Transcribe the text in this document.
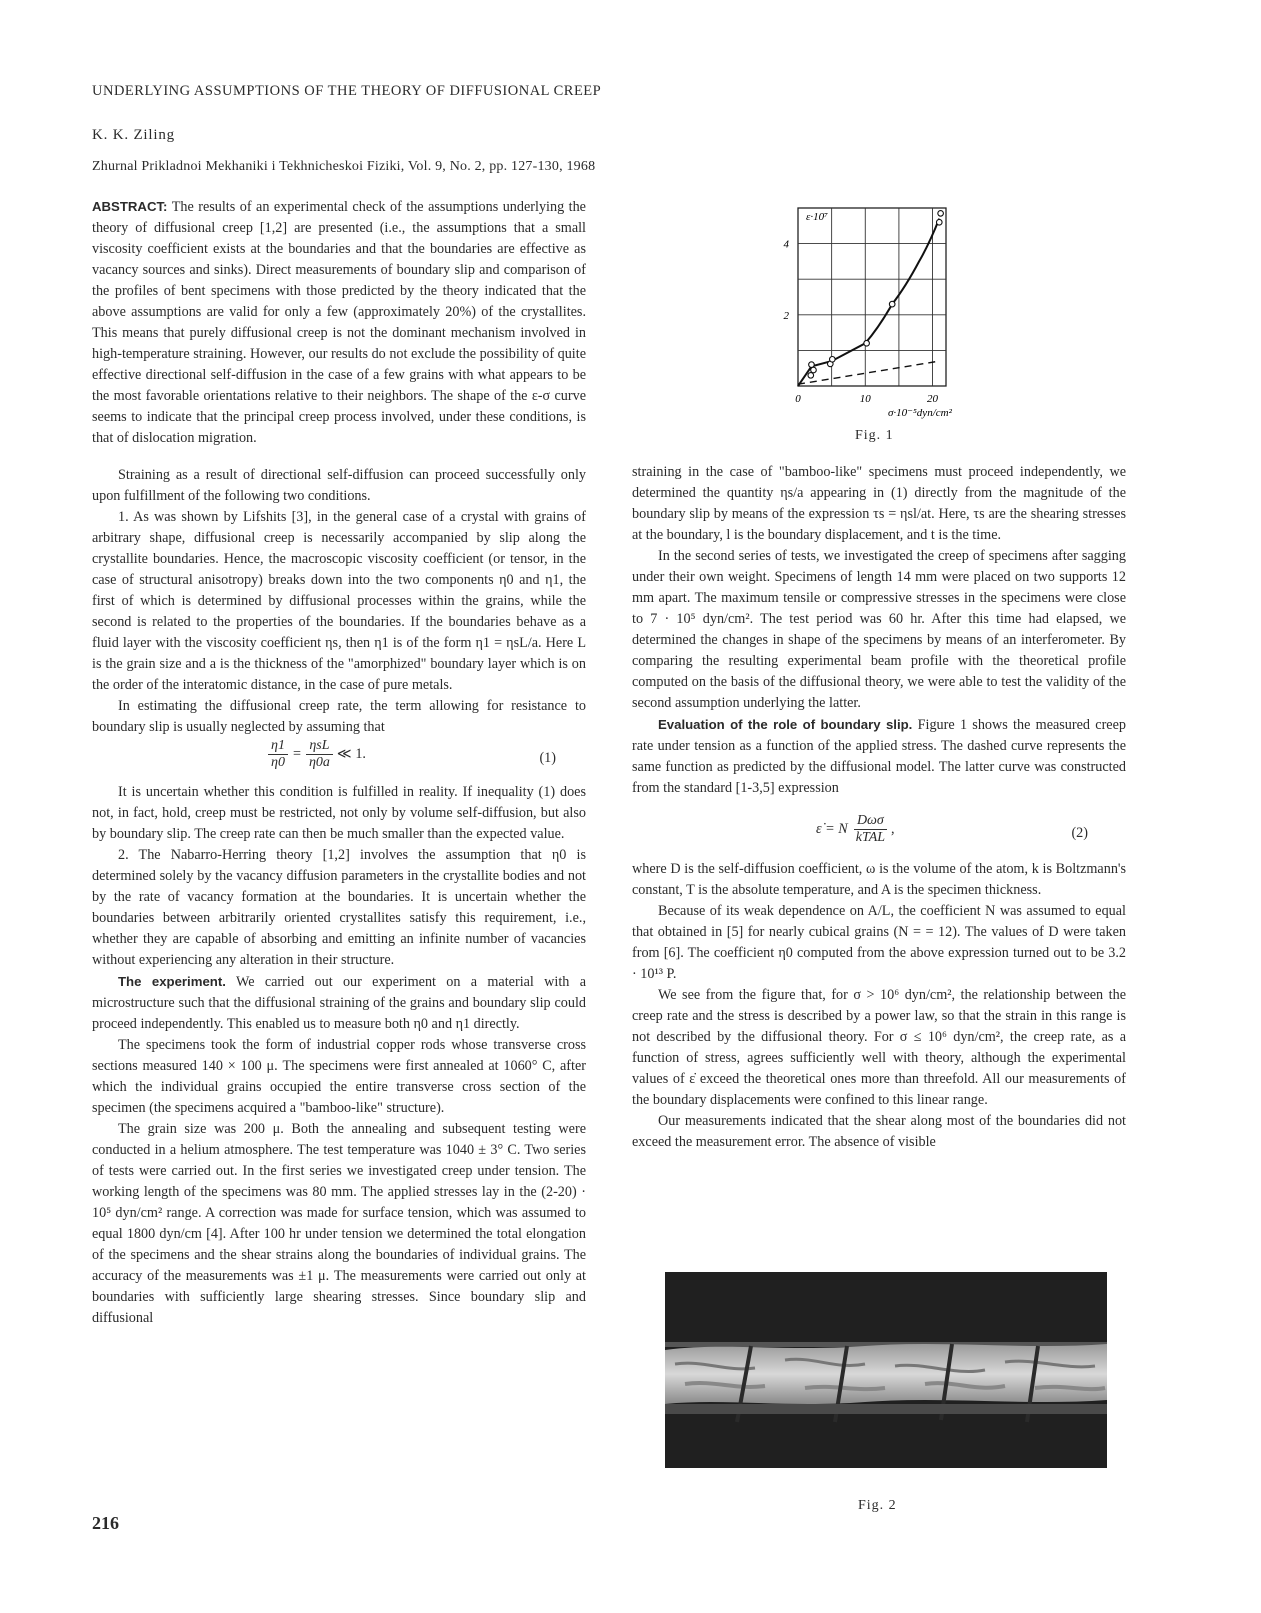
UNDERLYING ASSUMPTIONS OF THE THEORY OF DIFFUSIONAL CREEP
K. K. Ziling
Zhurnal Prikladnoi Mekhaniki i Tekhnicheskoi Fiziki, Vol. 9, No. 2, pp. 127-130, 1968

ABSTRACT: The results of an experimental check of the assumptions underlying the theory of diffusional creep [1,2] are presented (i.e., the assumptions that a small viscosity coefficient exists at the boundaries and that the boundaries are effective as vacancy sources and sinks). Direct measurements of boundary slip and comparison of the profiles of bent specimens with those predicted by the theory indicated that the above assumptions are valid for only a few (approximately 20%) of the crystallites. This means that purely diffusional creep is not the dominant mechanism involved in high-temperature straining. However, our results do not exclude the possibility of quite effective directional self-diffusion in the case of a few grains with what appears to be the most favorable orientations relative to their neighbors. The shape of the ε-σ curve seems to indicate that the principal creep process involved, under these conditions, is that of dislocation migration.

Straining as a result of directional self-diffusion can proceed successfully only upon fulfillment of the following two conditions.

1. As was shown by Lifshits [3], in the general case of a crystal with grains of arbitrary shape, diffusional creep is necessarily accompanied by slip along the crystallite boundaries. Hence, the macroscopic viscosity coefficient (or tensor, in the case of structural anisotropy) breaks down into the two components η0 and η1, the first of which is determined by diffusional processes within the grains, while the second is related to the properties of the boundaries. If the boundaries behave as a fluid layer with the viscosity coefficient ηs, then η1 is of the form η1 = ηsL/a. Here L is the grain size and a is the thickness of the "amorphized" boundary layer which is on the order of the interatomic distance, in the case of pure metals.

In estimating the diffusional creep rate, the term allowing for resistance to boundary slip is usually neglected by assuming that

$\frac{\eta 1}{\eta 0} = \frac{\text{ηsL}}{\eta 0a}$ ≪ 1.	(1)

It is uncertain whether this condition is fulfilled in reality. If inequality (1) does not, in fact, hold, creep must be restricted, not only by volume self-diffusion, but also by boundary slip. The creep rate can then be much smaller than the expected value.

2. The Nabarro-Herring theory [1,2] involves the assumption that η0 is determined solely by the vacancy diffusion parameters in the crystallite bodies and not by the rate of vacancy formation at the boundaries. It is uncertain whether the boundaries between arbitrarily oriented crystallites satisfy this requirement, i.e., whether they are capable of absorbing and emitting an infinite number of vacancies without experiencing any alteration in their structure.

The experiment. We carried out our experiment on a material with a microstructure such that the diffusional straining of the grains and boundary slip could proceed independently. This enabled us to measure both η0 and η1 directly.

The specimens took the form of industrial copper rods whose transverse cross sections measured 140 × 100 μ. The specimens were first annealed at 1060° C, after which the individual grains occupied the entire transverse cross section of the specimen (the specimens acquired a "bamboo-like" structure).

The grain size was 200 μ. Both the annealing and subsequent testing were conducted in a helium atmosphere. The test temperature was 1040 ± 3° C. Two series of tests were carried out. In the first series we investigated creep under tension. The working length of the specimens was 80 mm. The applied stresses lay in the (2-20) · 10⁵ dyn/cm² range. A correction was made for surface tension, which was assumed to equal 1800 dyn/cm [4]. After 100 hr under tension we determined the total elongation of the specimens and the shear strains along the boundaries of individual grains. The accuracy of the measurements was ±1 μ. The measurements were carried out only at boundaries with sufficiently large shearing stresses. Since boundary slip and diffusional

ε·10⁷
2
4
0	10	20
σ·10⁻⁵dyn/cm²
Fig. 1

straining in the case of "bamboo-like" specimens must proceed independently, we determined the quantity ηs/a appearing in (1) directly from the magnitude of the boundary slip by means of the expression τs = ηsl/at. Here, τs are the shearing stresses at the boundary, l is the boundary displacement, and t is the time.

In the second series of tests, we investigated the creep of specimens after sagging under their own weight. Specimens of length 14 mm were placed on two supports 12 mm apart. The maximum tensile or compressive stresses in the specimens were close to 7 · 10⁵ dyn/cm². The test period was 60 hr. After this time had elapsed, we determined the changes in shape of the specimens by means of an interferometer. By comparing the resulting experimental beam profile with the theoretical profile computed on the basis of the diffusional theory, we were able to test the validity of the second assumption underlying the latter.

Evaluation of the role of boundary slip. Figure 1 shows the measured creep rate under tension as a function of the applied stress. The dashed curve represents the same function as predicted by the diffusional model. The latter curve was constructed from the standard [1-3,5] expression

ε̇ = N $\frac{\text{Dωσ}}{\text{kTAL}}$ ,	(2)

where D is the self-diffusion coefficient, ω is the volume of the atom, k is Boltzmann's constant, T is the absolute temperature, and A is the specimen thickness.

Because of its weak dependence on A/L, the coefficient N was assumed to equal that obtained in [5] for nearly cubical grains (N = = 12). The values of D were taken from [6]. The coefficient η0 computed from the above expression turned out to be 3.2 · 10¹³ P.

We see from the figure that, for σ > 10⁶ dyn/cm², the relationship between the creep rate and the stress is described by a power law, so that the strain in this range is not described by the diffusional theory. For σ ≤ 10⁶ dyn/cm², the creep rate, as a function of stress, agrees sufficiently well with theory, although the experimental values of ε̇ exceed the theoretical ones more than threefold. All our measurements of the boundary displacements were confined to this linear range.

Our measurements indicated that the shear along most of the boundaries did not exceed the measurement error. The absence of visible

Fig. 2
216
